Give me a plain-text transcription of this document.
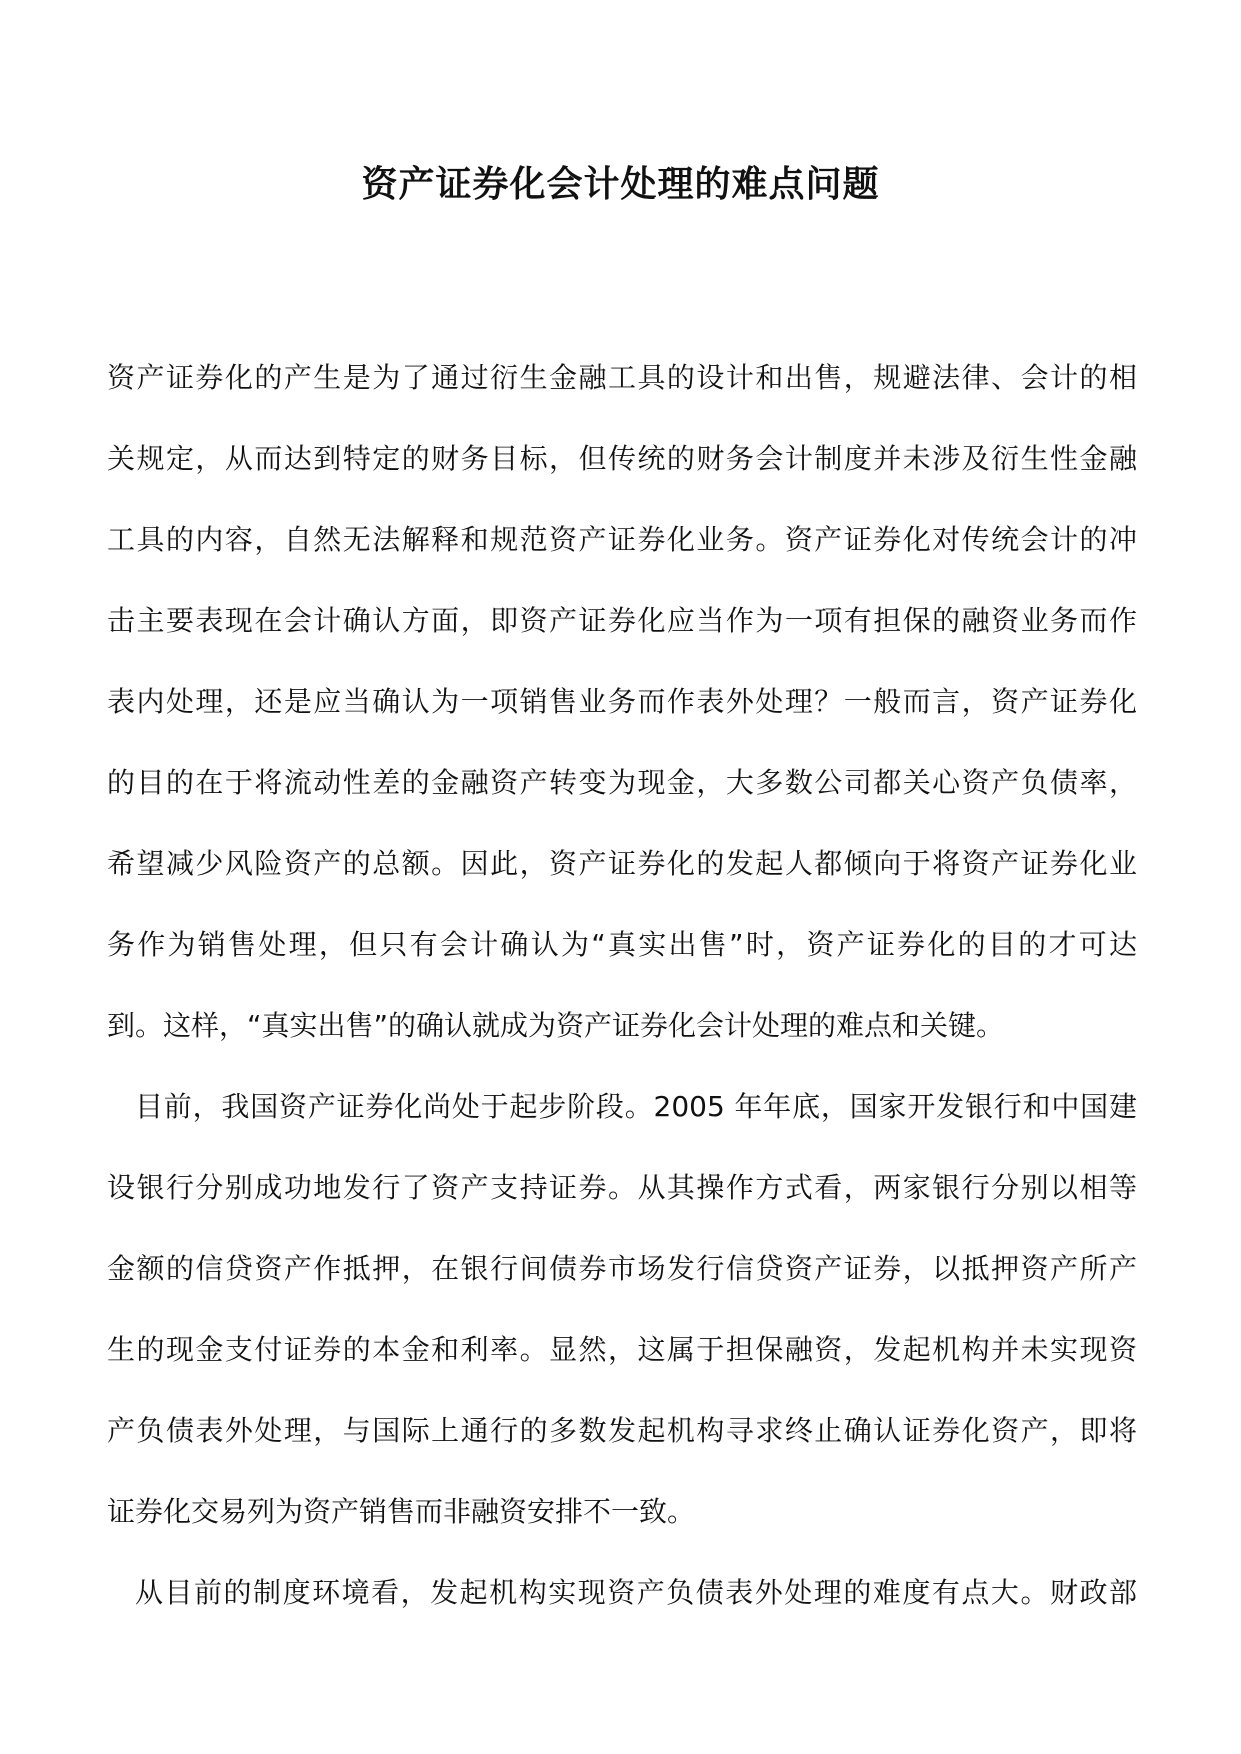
资产证券化会计处理的难点问题
资产证券化的产生是为了通过衍生金融工具的设计和出售，规避法律、会计的相
关规定，从而达到特定的财务目标，但传统的财务会计制度并未涉及衍生性金融
工具的内容，自然无法解释和规范资产证券化业务。资产证券化对传统会计的冲
击主要表现在会计确认方面，即资产证券化应当作为一项有担保的融资业务而作
表内处理，还是应当确认为一项销售业务而作表外处理？一般而言，资产证券化
的目的在于将流动性差的金融资产转变为现金，大多数公司都关心资产负债率，
希望减少风险资产的总额。因此，资产证券化的发起人都倾向于将资产证券化业
务作为销售处理，但只有会计确认为“真实出售”时，资产证券化的目的才可达
到。这样，“真实出售”的确认就成为资产证券化会计处理的难点和关键。
目前，我国资产证券化尚处于起步阶段。2005 年年底，国家开发银行和中国建
设银行分别成功地发行了资产支持证券。从其操作方式看，两家银行分别以相等
金额的信贷资产作抵押，在银行间债券市场发行信贷资产证券，以抵押资产所产
生的现金支付证券的本金和利率。显然，这属于担保融资，发起机构并未实现资
产负债表外处理，与国际上通行的多数发起机构寻求终止确认证券化资产，即将
证券化交易列为资产销售而非融资安排不一致。
从目前的制度环境看，发起机构实现资产负债表外处理的难度有点大。财政部
